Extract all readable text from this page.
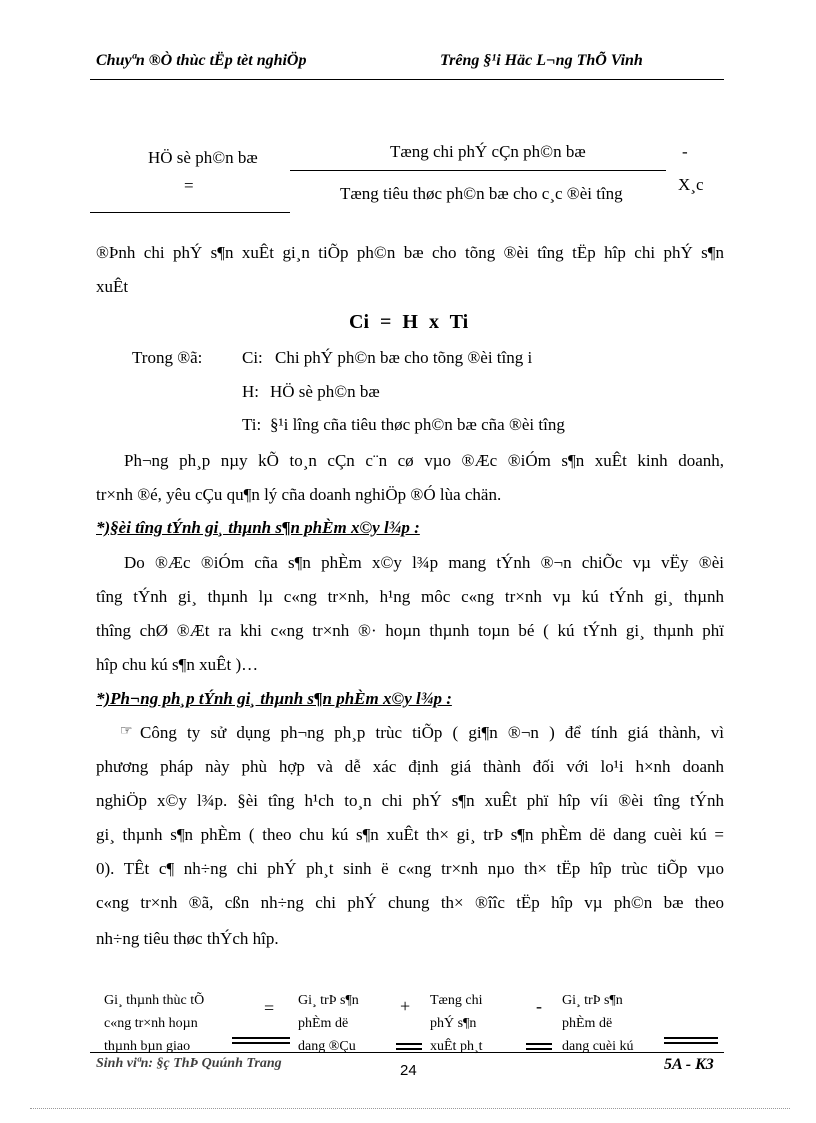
Chuyªn ®Ò thùc tËp tèt nghiÖp	Trêng §¹i Häc L¬ng ThÕ Vinh
HÖ sè ph©n bæ
=
Tæng chi phÝ cÇn ph©n bæ
Tæng tiêu thøc ph©n bæ cho c¸c ®èi tîng
-
X¸c
®Þnh chi phÝ s¶n xuÊt gi¸n tiÕp ph©n bæ cho tõng ®èi tîng tËp hîp chi phÝ s¶n
xuÊt
Ci = H x Ti
Trong ®ã: Ci: Chi phÝ ph©n bæ cho tõng ®èi tîng i
H: HÖ sè ph©n bæ
Ti: §¹i lîng cña tiêu thøc ph©n bæ cña ®èi tîng
Ph¬ng ph¸p nµy kÕ to¸n cÇn c¨n cø vµo ®Æc ®iÓm s¶n xuÊt kinh doanh,
tr×nh ®é, yêu cÇu qu¶n lý cña doanh nghiÖp ®Ó lùa chän.
*)§èi tîng tÝnh gi¸ thµnh s¶n phÈm x©y l¾p :
Do ®Æc ®iÓm cña s¶n phÈm x©y l¾p mang tÝnh ®¬n chiÕc vµ vËy ®èi
tîng tÝnh gi¸ thµnh lµ c«ng tr×nh, h¹ng môc c«ng tr×nh vµ kú tÝnh gi¸ thµnh
thîng chØ ®Æt ra khi c«ng tr×nh ®· hoµn thµnh toµn bé ( kú tÝnh gi¸ thµnh phï
hîp chu kú s¶n xuÊt )…
*)Ph¬ng ph¸p tÝnh gi¸ thµnh s¶n phÈm x©y l¾p :
☞ Công ty sử dụng ph¬ng ph¸p trùc tiÕp ( gi¶n ®¬n ) để tính giá thành, vì
phương pháp này phù hợp và dễ xác định giá thành đối với lo¹i h×nh doanh
nghiÖp x©y l¾p. §èi tîng h¹ch to¸n chi phÝ s¶n xuÊt phï hîp víi ®èi tîng tÝnh
gi¸ thµnh s¶n phÈm ( theo chu kú s¶n xuÊt th× gi¸ trÞ s¶n phÈm dë dang cuèi kú =
0). TÊt c¶ nh÷ng chi phÝ ph¸t sinh ë c«ng tr×nh nµo th× tËp hîp trùc tiÕp vµo
c«ng tr×nh ®ã, cßn nh÷ng chi phÝ chung th× ®îîc tËp hîp vµ ph©n bæ theo
nh÷ng tiêu thøc thÝch hîp.
Gi¸ thµnh thùc tÕ
c«ng tr×nh hoµn
thµnh bµn giao
= Gi¸ trÞ s¶n
phÈm dë
dang ®Çu
+ Tæng chi
phÝ s¶n
xuÊt ph¸t
- Gi¸ trÞ s¶n
phÈm dë
dang cuèi kú
Sinh viªn: §ç ThÞ Quúnh Trang	24	5A - K3
